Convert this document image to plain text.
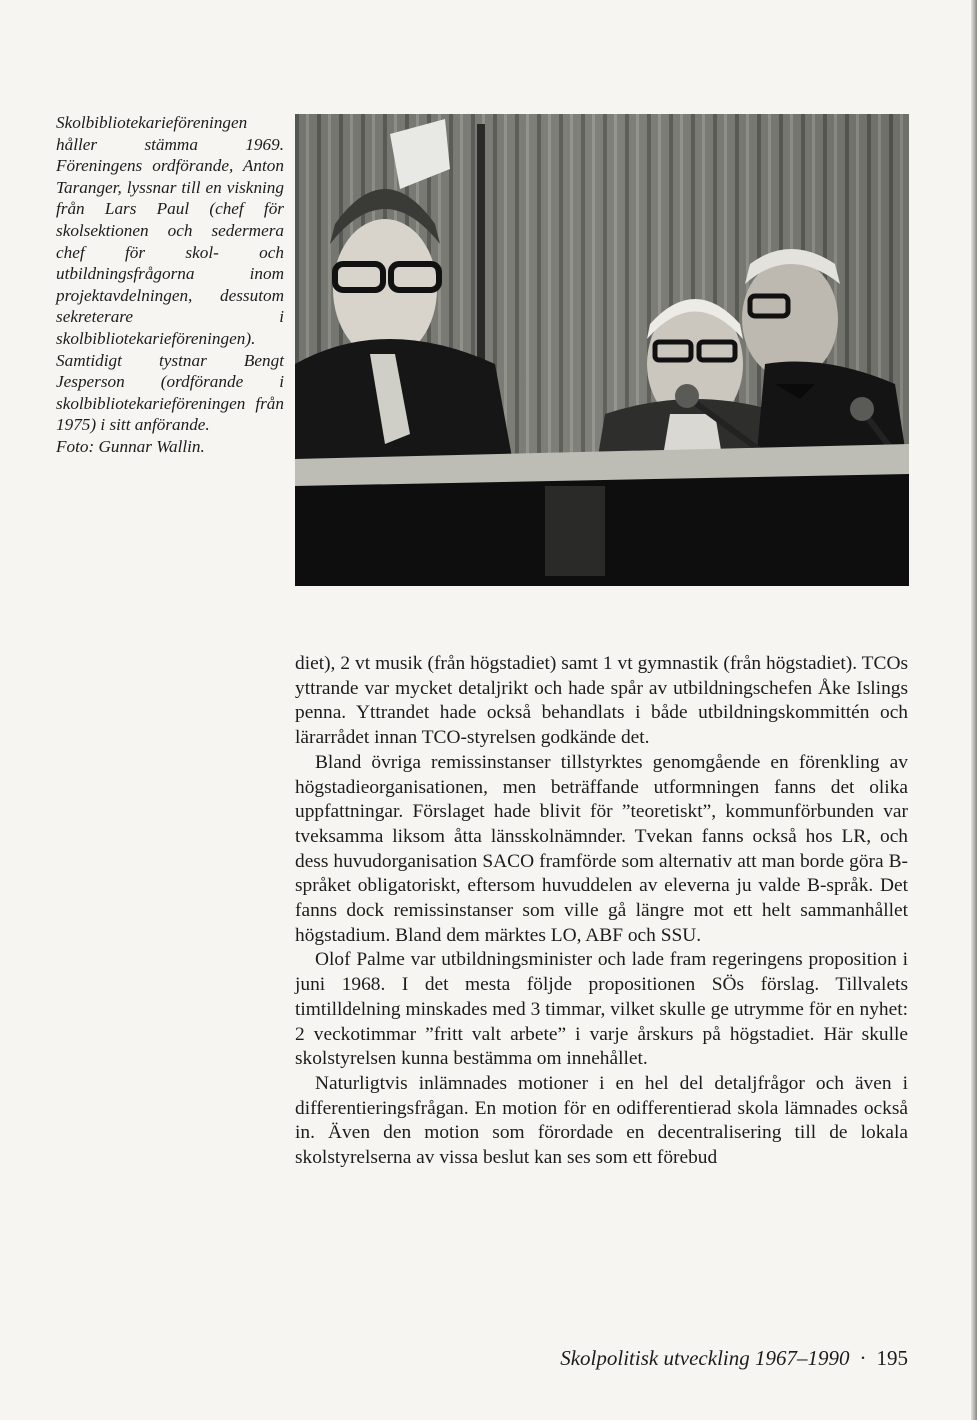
Skolbibliotekarieföreningen håller stämma 1969. Föreningens ordförande, Anton Taranger, lyssnar till en viskning från Lars Paul (chef för skolsektionen och sedermera chef för skol- och utbildningsfrågorna inom projektavdelningen, dessutom sekreterare i skolbibliotekarieföreningen). Samtidigt tystnar Bengt Jesperson (ordförande i skolbibliotekarieföreningen från 1975) i sitt anförande.

Foto: Gunnar Wallin.

diet), 2 vt musik (från högstadiet) samt 1 vt gymnastik (från högstadiet). TCOs yttrande var mycket detaljrikt och hade spår av utbildningschefen Åke Islings penna. Yttrandet hade också behandlats i både utbildningskommittén och lärarrådet innan TCO-styrelsen godkände det.

Bland övriga remissinstanser tillstyrktes genomgående en förenkling av högstadieorganisationen, men beträffande utformningen fanns det olika uppfattningar. Förslaget hade blivit för ”teoretiskt”, kommunförbunden var tveksamma liksom åtta länsskolnämnder. Tvekan fanns också hos LR, och dess huvudorganisation SACO framförde som alternativ att man borde göra B-språket obligatoriskt, eftersom huvuddelen av eleverna ju valde B-språk. Det fanns dock remissinstanser som ville gå längre mot ett helt sammanhållet högstadium. Bland dem märktes LO, ABF och SSU.

Olof Palme var utbildningsminister och lade fram regeringens proposition i juni 1968. I det mesta följde propositionen SÖs förslag. Tillvalets timtilldelning minskades med 3 timmar, vilket skulle ge utrymme för en nyhet: 2 veckotimmar ”fritt valt arbete” i varje årskurs på högstadiet. Här skulle skolstyrelsen kunna bestämma om innehållet.

Naturligtvis inlämnades motioner i en hel del detaljfrågor och även i differentieringsfrågan. En motion för en odifferentierad skola lämnades också in. Även den motion som förordade en decentralisering till de lokala skolstyrelserna av vissa beslut kan ses som ett förebud

Skolpolitisk utveckling 1967–1990 · 195
